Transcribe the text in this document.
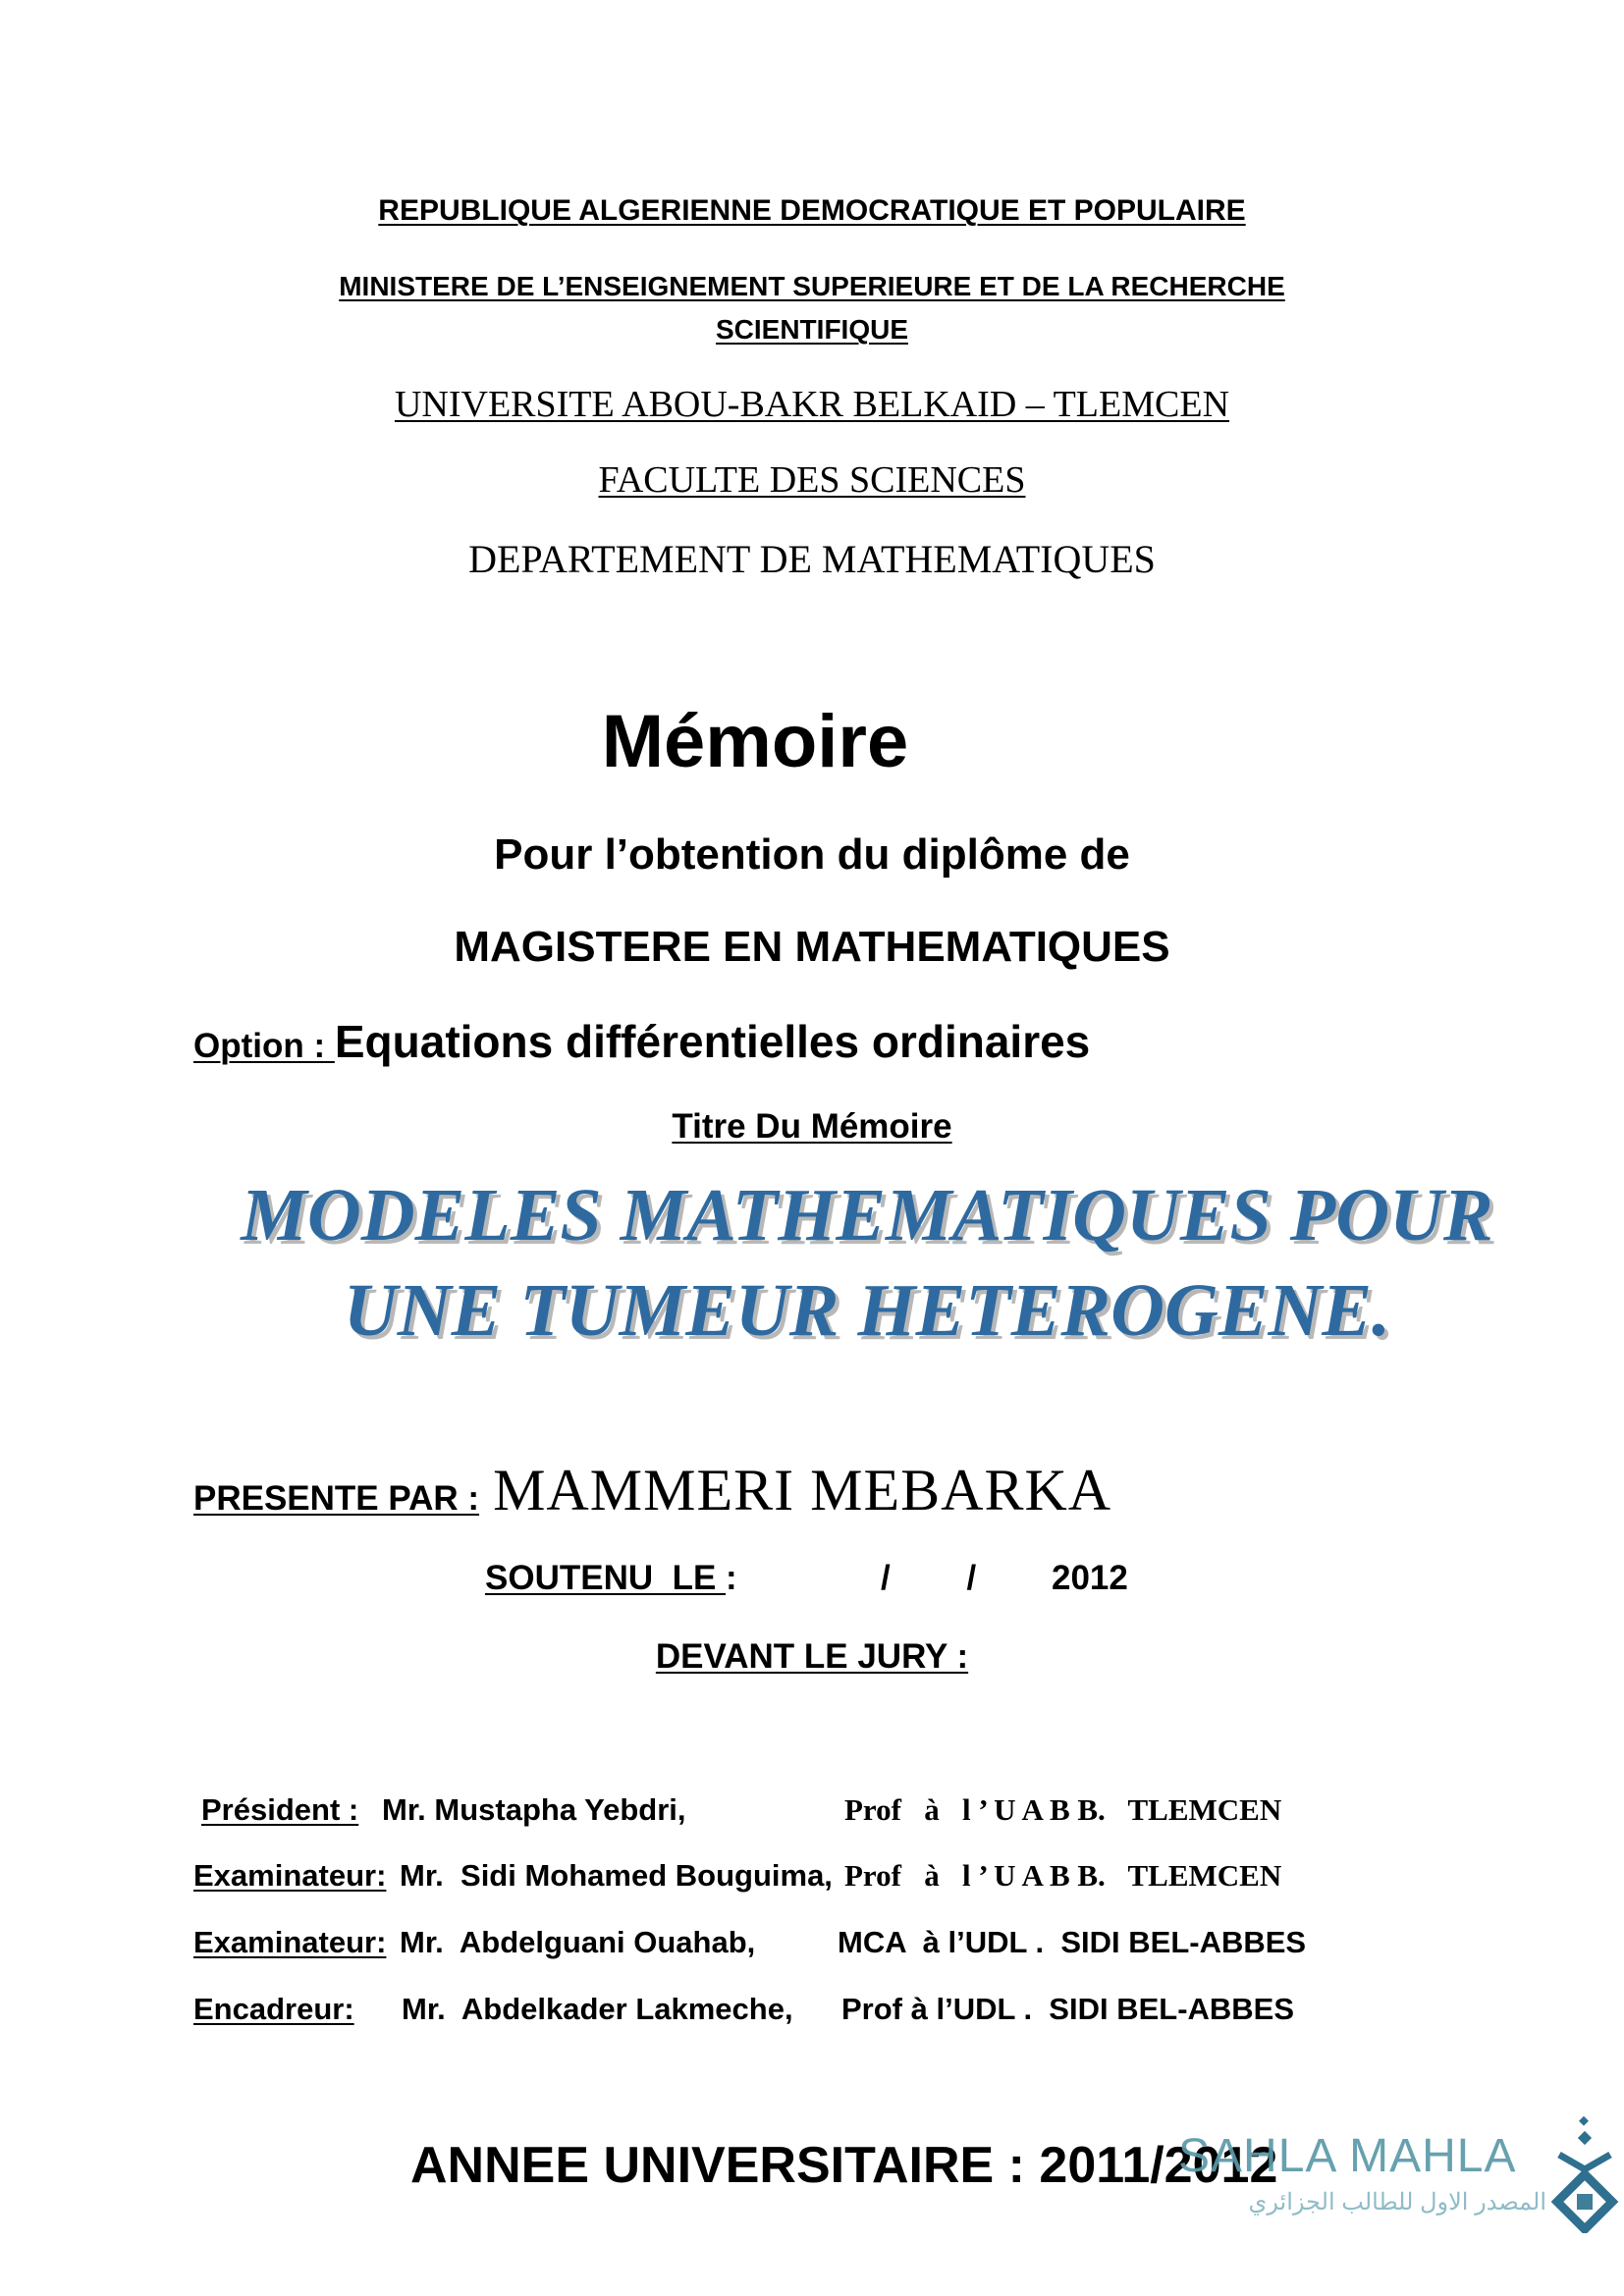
REPUBLIQUE ALGERIENNE DEMOCRATIQUE ET POPULAIRE
MINISTERE DE L’ENSEIGNEMENT SUPERIEURE ET DE LA RECHERCHE
SCIENTIFIQUE
UNIVERSITE ABOU-BAKR BELKAID – TLEMCEN
FACULTE DES SCIENCES
DEPARTEMENT DE MATHEMATIQUES
Mémoire
Pour l’obtention du diplôme de
MAGISTERE EN MATHEMATIQUES
Option : Equations différentielles ordinaires
Titre Du Mémoire
MODELES MATHEMATIQUES POUR
UNE TUMEUR HETEROGENE.
PRESENTE PAR : MAMMERI MEBARKA
SOUTENU  LE :	/        / 2012
DEVANT LE JURY :
Président : Mr. Mustapha Yebdri,	Prof   à   l ’ U A B B.   TLEMCEN
Examinateur: Mr.  Sidi Mohamed Bouguima, Prof   à   l ’ U A B B.   TLEMCEN
Examinateur: Mr.  Abdelguani Ouahab,	MCA  à l’UDL .  SIDI BEL-ABBES
Encadreur: Mr.  Abdelkader Lakmeche, Prof à l’UDL .  SIDI BEL-ABBES
ANNEE UNIVERSITAIRE : 2011/2012
SAHLA MAHLA
المصدر الاول للطالب الجزائري
